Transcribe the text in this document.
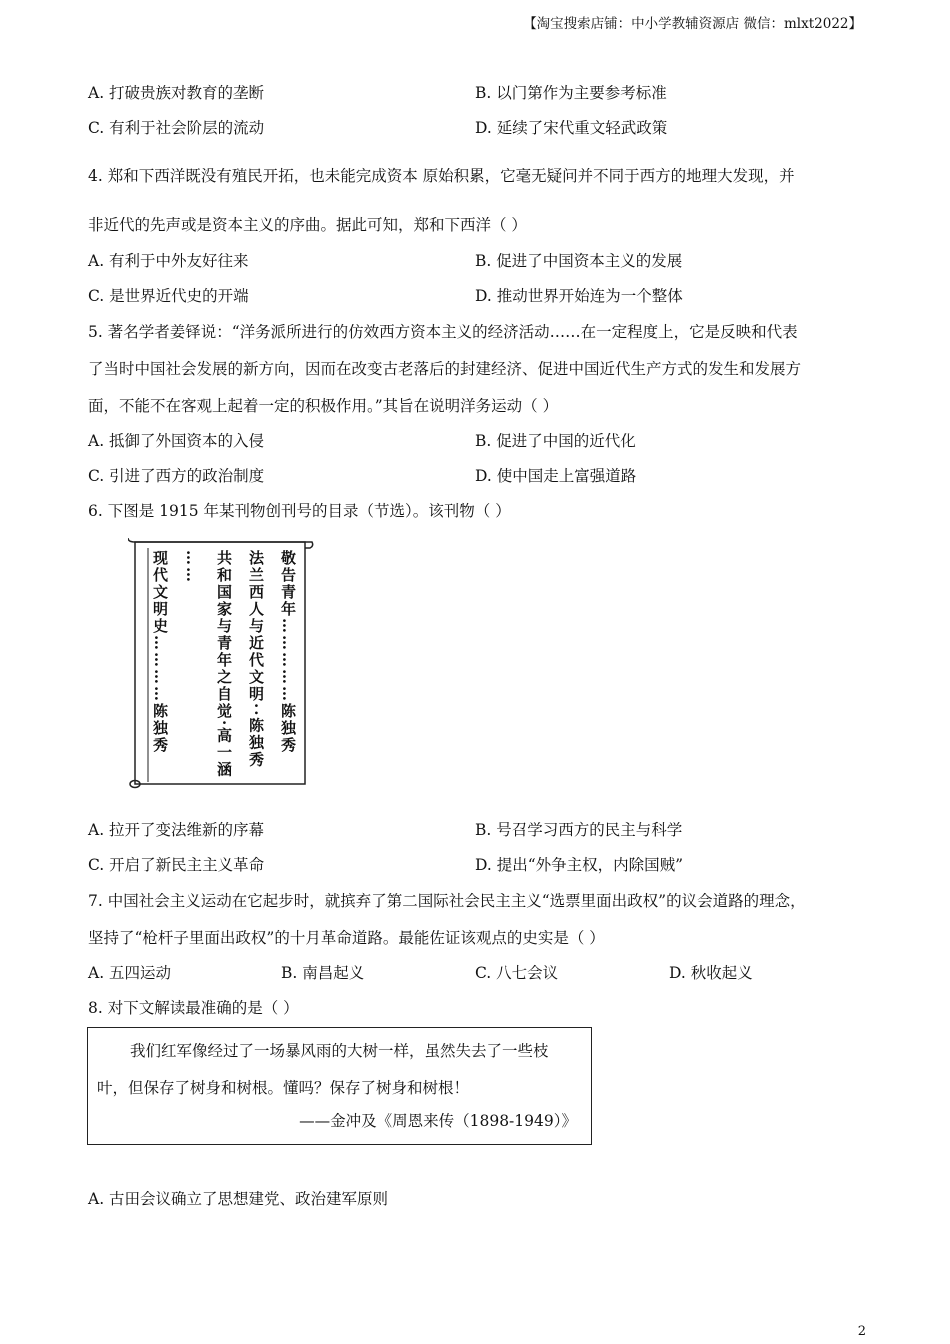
【淘宝搜索店铺：中小学教辅资源店 微信：mlxt2022】
A. 打破贵族对教育的垄断	B. 以门第作为主要参考标准
C. 有利于社会阶层的流动	D. 延续了宋代重文轻武政策
4. 郑和下西洋既没有殖民开拓，也未能完成资本 原始积累，它毫无疑问并不同于西方的地理大发现，并
非近代的先声或是资本主义的序曲。据此可知，郑和下西洋（ ）
A. 有利于中外友好往来	B. 促进了中国资本主义的发展
C. 是世界近代史的开端	D. 推动世界开始连为一个整体
5. 著名学者姜铎说：“洋务派所进行的仿效西方资本主义的经济活动……在一定程度上，它是反映和代表
了当时中国社会发展的新方向，因而在改变古老落后的封建经济、促进中国近代生产方式的发生和发展方
面，不能不在客观上起着一定的积极作用。”其旨在说明洋务运动（ ）
A. 抵御了外国资本的入侵	B. 促进了中国的近代化
C. 引进了西方的政治制度	D. 使中国走上富强道路
6. 下图是 1915 年某刊物创刊号的目录（节选）。该刊物（ ）
敬告青年……………陈独秀
法兰西人与近代文明··陈独秀
共和国家与青年之自觉·高一涵
……
现代文明史…………陈独秀
A. 拉开了变法维新的序幕	B. 号召学习西方的民主与科学
C. 开启了新民主主义革命	D. 提出“外争主权，内除国贼”
7. 中国社会主义运动在它起步时，就摈弃了第二国际社会民主主义“选票里面出政权”的议会道路的理念，
坚持了“枪杆子里面出政权”的十月革命道路。最能佐证该观点的史实是（ ）
A. 五四运动	B. 南昌起义	C. 八七会议	D. 秋收起义
8. 对下文解读最准确的是（ ）
我们红军像经过了一场暴风雨的大树一样，虽然失去了一些枝
叶，但保存了树身和树根。懂吗？保存了树身和树根！
——金冲及《周恩来传（1898-1949）》
A. 古田会议确立了思想建党、政治建军原则
2
